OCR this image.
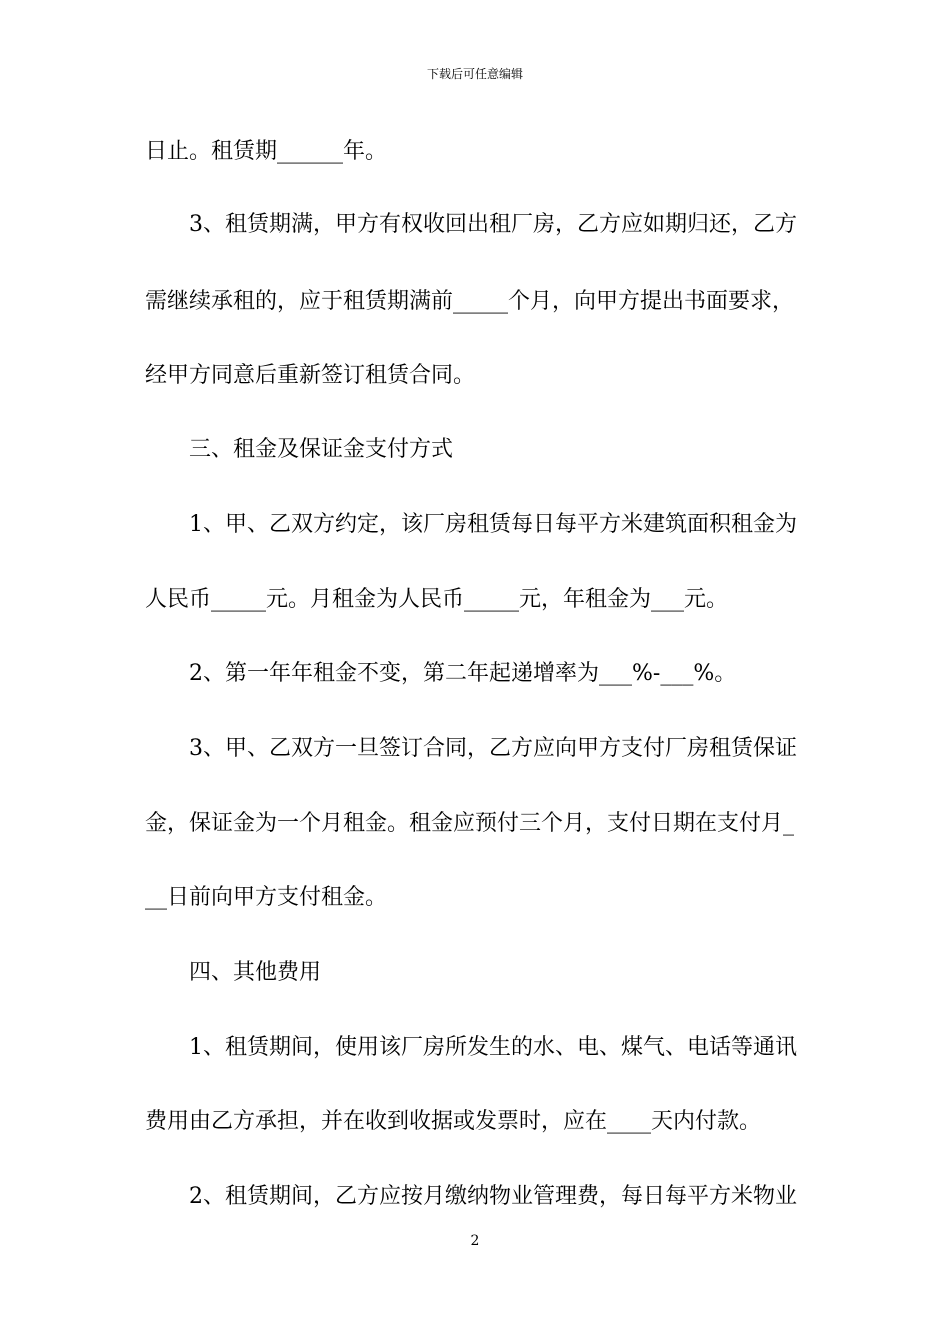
下载后可任意编辑
日止。租赁期______年。
3、租赁期满，甲方有权收回出租厂房，乙方应如期归还，乙方
需继续承租的，应于租赁期满前_____个月，向甲方提出书面要求，
经甲方同意后重新签订租赁合同。
三、租金及保证金支付方式
1、甲、乙双方约定，该厂房租赁每日每平方米建筑面积租金为
人民币_____元。月租金为人民币_____元，年租金为___元。
2、第一年年租金不变，第二年起递增率为___%-___%。
3、甲、乙双方一旦签订合同，乙方应向甲方支付厂房租赁保证
金，保证金为一个月租金。租金应预付三个月，支付日期在支付月_
__日前向甲方支付租金。
四、其他费用
1、租赁期间，使用该厂房所发生的水、电、煤气、电话等通讯
费用由乙方承担，并在收到收据或发票时，应在____天内付款。
2、租赁期间，乙方应按月缴纳物业管理费，每日每平方米物业
2
